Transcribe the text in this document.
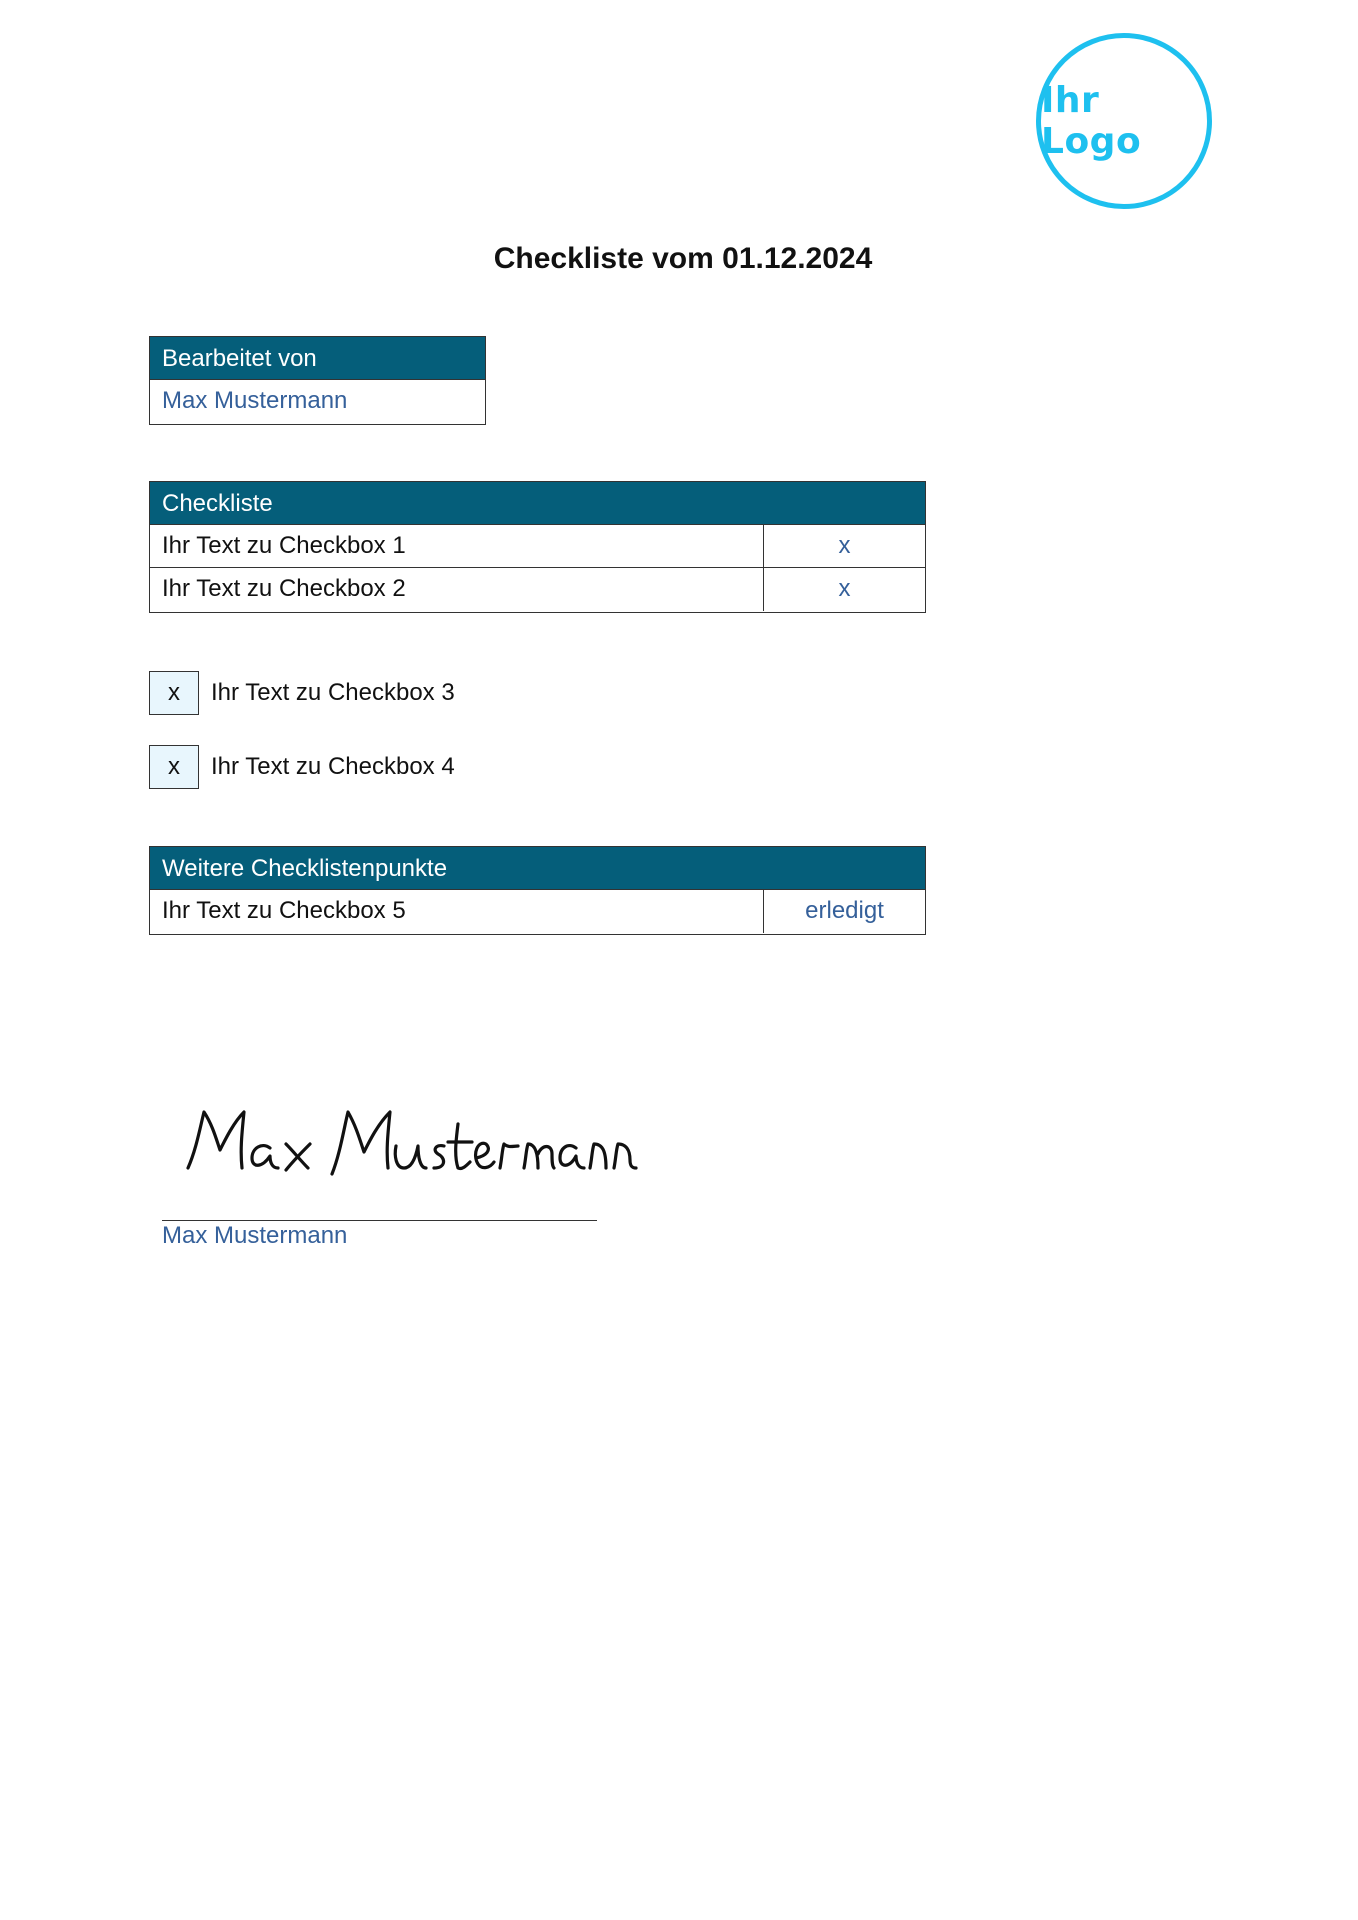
Ihr Logo
Checkliste vom 01.12.2024
Bearbeitet von
Max Mustermann
Checkliste
Ihr Text zu Checkbox 1	x
Ihr Text zu Checkbox 2	x
x	Ihr Text zu Checkbox 3
x	Ihr Text zu Checkbox 4
Weitere Checklistenpunkte
Ihr Text zu Checkbox 5	erledigt
Max Mustermann
